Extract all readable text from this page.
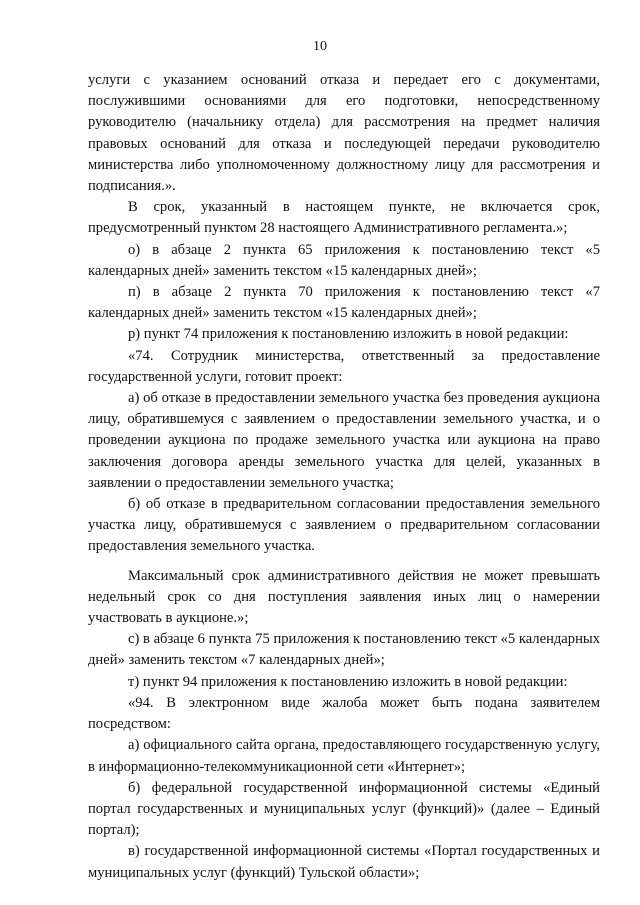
10

услуги с указанием оснований отказа и передает его с документами, послужившими основаниями для его подготовки, непосредственному руководителю (начальнику отдела) для рассмотрения на предмет наличия правовых оснований для отказа и последующей передачи руководителю министерства либо уполномоченному должностному лицу для рассмотрения и подписания.».

В срок, указанный в настоящем пункте, не включается срок, предусмотренный пунктом 28 настоящего Административного регламента.»;

о) в абзаце 2 пункта 65 приложения к постановлению текст «5 календарных дней» заменить текстом «15 календарных дней»;

п) в абзаце 2 пункта 70 приложения к постановлению текст «7 календарных дней» заменить текстом «15 календарных дней»;

р) пункт 74 приложения к постановлению изложить в новой редакции:

«74. Сотрудник министерства, ответственный за предоставление государственной услуги, готовит проект:

а) об отказе в предоставлении земельного участка без проведения аукциона лицу, обратившемуся с заявлением о предоставлении земельного участка, и о проведении аукциона по продаже земельного участка или аукциона на право заключения договора аренды земельного участка для целей, указанных в заявлении о предоставлении земельного участка;

б) об отказе в предварительном согласовании предоставления земельного участка лицу, обратившемуся с заявлением о предварительном согласовании предоставления земельного участка.

Максимальный срок административного действия не может превышать недельный срок со дня поступления заявления иных лиц о намерении участвовать в аукционе.»;

с) в абзаце 6 пункта 75 приложения к постановлению текст «5 календарных дней» заменить текстом «7 календарных дней»;

т) пункт 94 приложения к постановлению изложить в новой редакции:

«94. В электронном виде жалоба может быть подана заявителем посредством:

а) официального сайта органа, предоставляющего государственную услугу, в информационно-телекоммуникационной сети «Интернет»;

б) федеральной государственной информационной системы «Единый портал государственных и муниципальных услуг (функций)» (далее – Единый портал);

в) государственной информационной системы «Портал государственных и муниципальных услуг (функций) Тульской области»;
